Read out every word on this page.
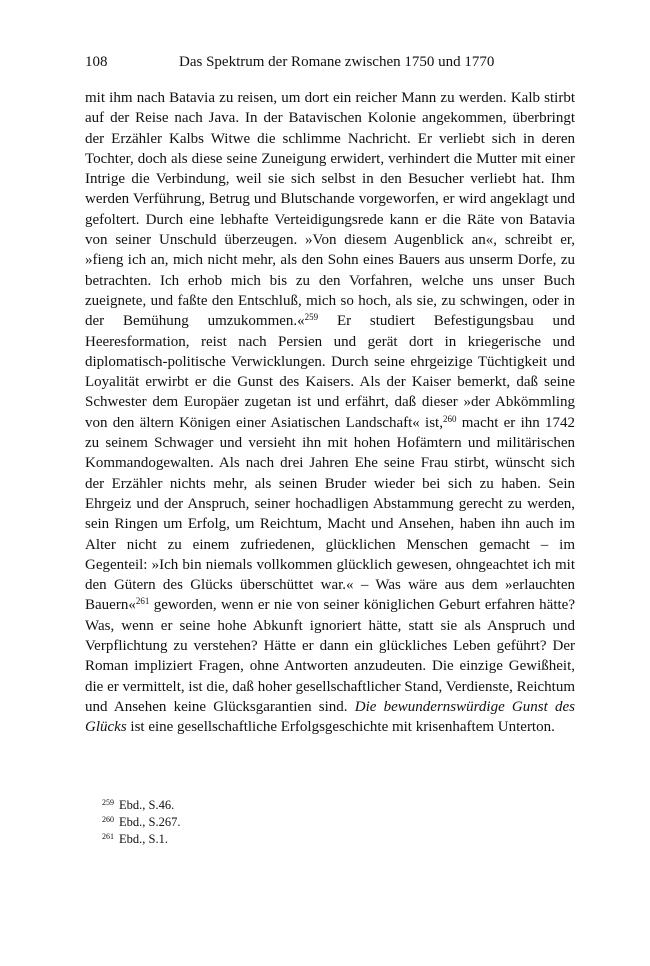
108	Das Spektrum der Romane zwischen 1750 und 1770

mit ihm nach Batavia zu reisen, um dort ein reicher Mann zu werden. Kalb stirbt auf der Reise nach Java. In der Batavischen Kolonie angekommen, überbringt der Erzähler Kalbs Witwe die schlimme Nachricht. Er verliebt sich in deren Tochter, doch als diese seine Zuneigung erwidert, verhindert die Mutter mit einer Intrige die Verbindung, weil sie sich selbst in den Besucher verliebt hat. Ihm werden Verführung, Betrug und Blutschande vorgeworfen, er wird angeklagt und gefoltert. Durch eine lebhafte Verteidigungsrede kann er die Räte von Batavia von seiner Unschuld überzeugen. »Von diesem Augenblick an«, schreibt er, »fieng ich an, mich nicht mehr, als den Sohn eines Bauers aus unserm Dorfe, zu betrachten. Ich erhob mich bis zu den Vorfahren, welche uns unser Buch zueignete, und faßte den Entschluß, mich so hoch, als sie, zu schwingen, oder in der Bemühung umzukommen.«$^{259}$ Er studiert Befestigungsbau und Heeresformation, reist nach Persien und gerät dort in kriegerische und diplomatisch-politische Verwicklungen. Durch seine ehrgeizige Tüchtigkeit und Loyalität erwirbt er die Gunst des Kaisers. Als der Kaiser bemerkt, daß seine Schwester dem Europäer zugetan ist und erfährt, daß dieser »der Abkömmling von den ältern Königen einer Asiatischen Landschaft« ist,$^{260}$ macht er ihn 1742 zu seinem Schwager und versieht ihn mit hohen Hofämtern und militärischen Kommandogewalten. Als nach drei Jahren Ehe seine Frau stirbt, wünscht sich der Erzähler nichts mehr, als seinen Bruder wieder bei sich zu haben. Sein Ehrgeiz und der Anspruch, seiner hochadligen Abstammung gerecht zu werden, sein Ringen um Erfolg, um Reichtum, Macht und Ansehen, haben ihn auch im Alter nicht zu einem zufriedenen, glücklichen Menschen gemacht – im Gegenteil: »Ich bin niemals vollkommen glücklich gewesen, ohngeachtet ich mit den Gütern des Glücks überschüttet war.« – Was wäre aus dem »erlauchten Bauern«$^{261}$ geworden, wenn er nie von seiner königlichen Geburt erfahren hätte? Was, wenn er seine hohe Abkunft ignoriert hätte, statt sie als Anspruch und Verpflichtung zu verstehen? Hätte er dann ein glückliches Leben geführt? Der Roman impliziert Fragen, ohne Antworten anzudeuten. Die einzige Gewißheit, die er vermittelt, ist die, daß hoher gesellschaftlicher Stand, Verdienste, Reichtum und Ansehen keine Glücksgarantien sind. Die bewundernswürdige Gunst des Glücks ist eine gesellschaftliche Erfolgsgeschichte mit krisenhaftem Unterton.

$^{259}$ Ebd., S.46.
$^{260}$ Ebd., S.267.
$^{261}$ Ebd., S.1.
